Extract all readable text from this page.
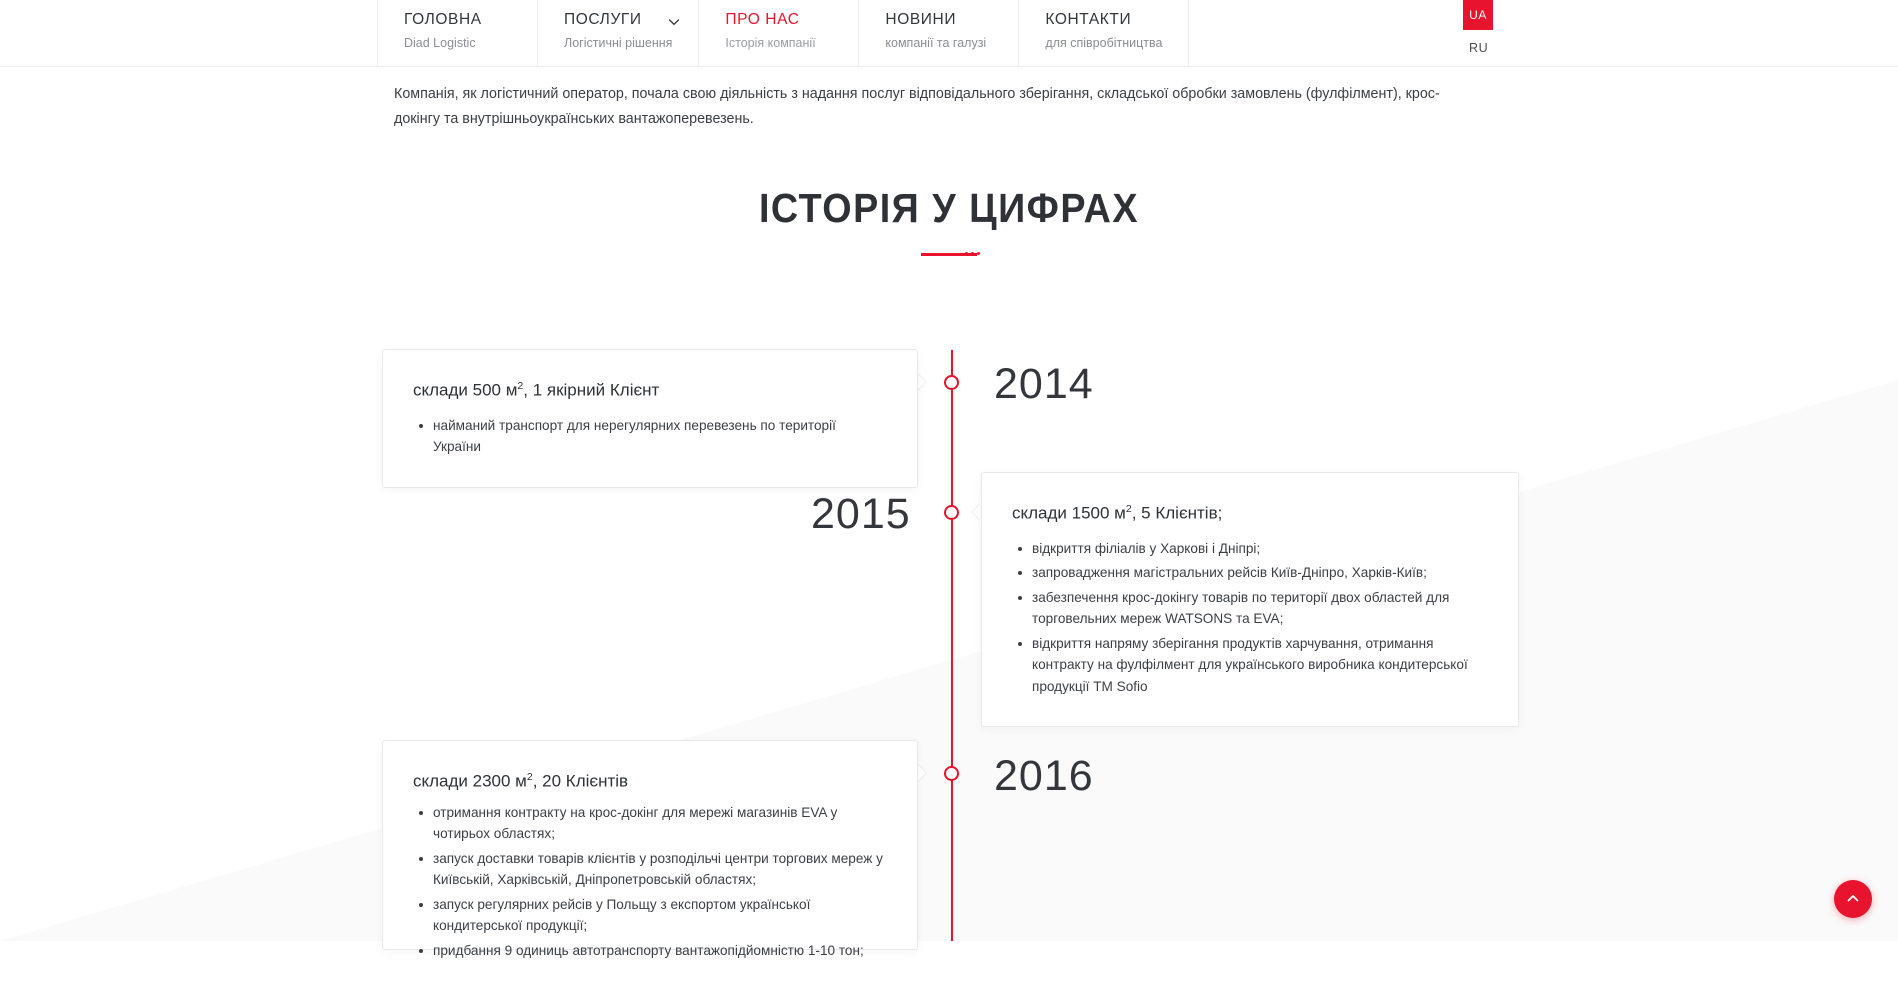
ГОЛОВНА
Diad Logistic
ПОСЛУГИ
Логістичні рішення
ПРО НАС
Історія компанії
НОВИНИ
компанії та галузі
КОНТАКТИ
для співробітництва
UA
RU
Компанія, як логістичний оператор, почала свою діяльність з надання послуг відповідального зберігання, складської обробки замовлень (фулфілмент), крос-докінгу та внутрішньоукраїнських вантажоперевезень.
ІСТОРІЯ У ЦИФРАХ
склади 500 $м^2$, 1 якірний Клієнт
найманий транспорт для нерегулярних перевезень по території України
2014
склади 1500 $м^2$, 5 Клієнтів;
відкриття філіалів у Харкові і Дніпрі;
запровадження магістральних рейсів Київ-Дніпро, Харків-Київ;
забезпечення крос-докінгу товарів по території двох областей для торговельних мереж WATSONS та EVA;
відкриття напряму зберігання продуктів харчування, отримання контракту на фулфілмент для українського виробника кондитерської продукції ТМ Sofio
2015
склади 2300 $м^2$, 20 Клієнтів
отримання контракту на крос-докінг для мережі магазинів EVA у чотирьох областях;
запуск доставки товарів клієнтів у розподільчі центри торгових мереж у Київській, Харківській, Дніпропетровській областях;
запуск регулярних рейсів у Польщу з експортом української кондитерської продукції;
придбання 9 одиниць автотранспорту вантажопідйомністю 1-10 тон;
2016
